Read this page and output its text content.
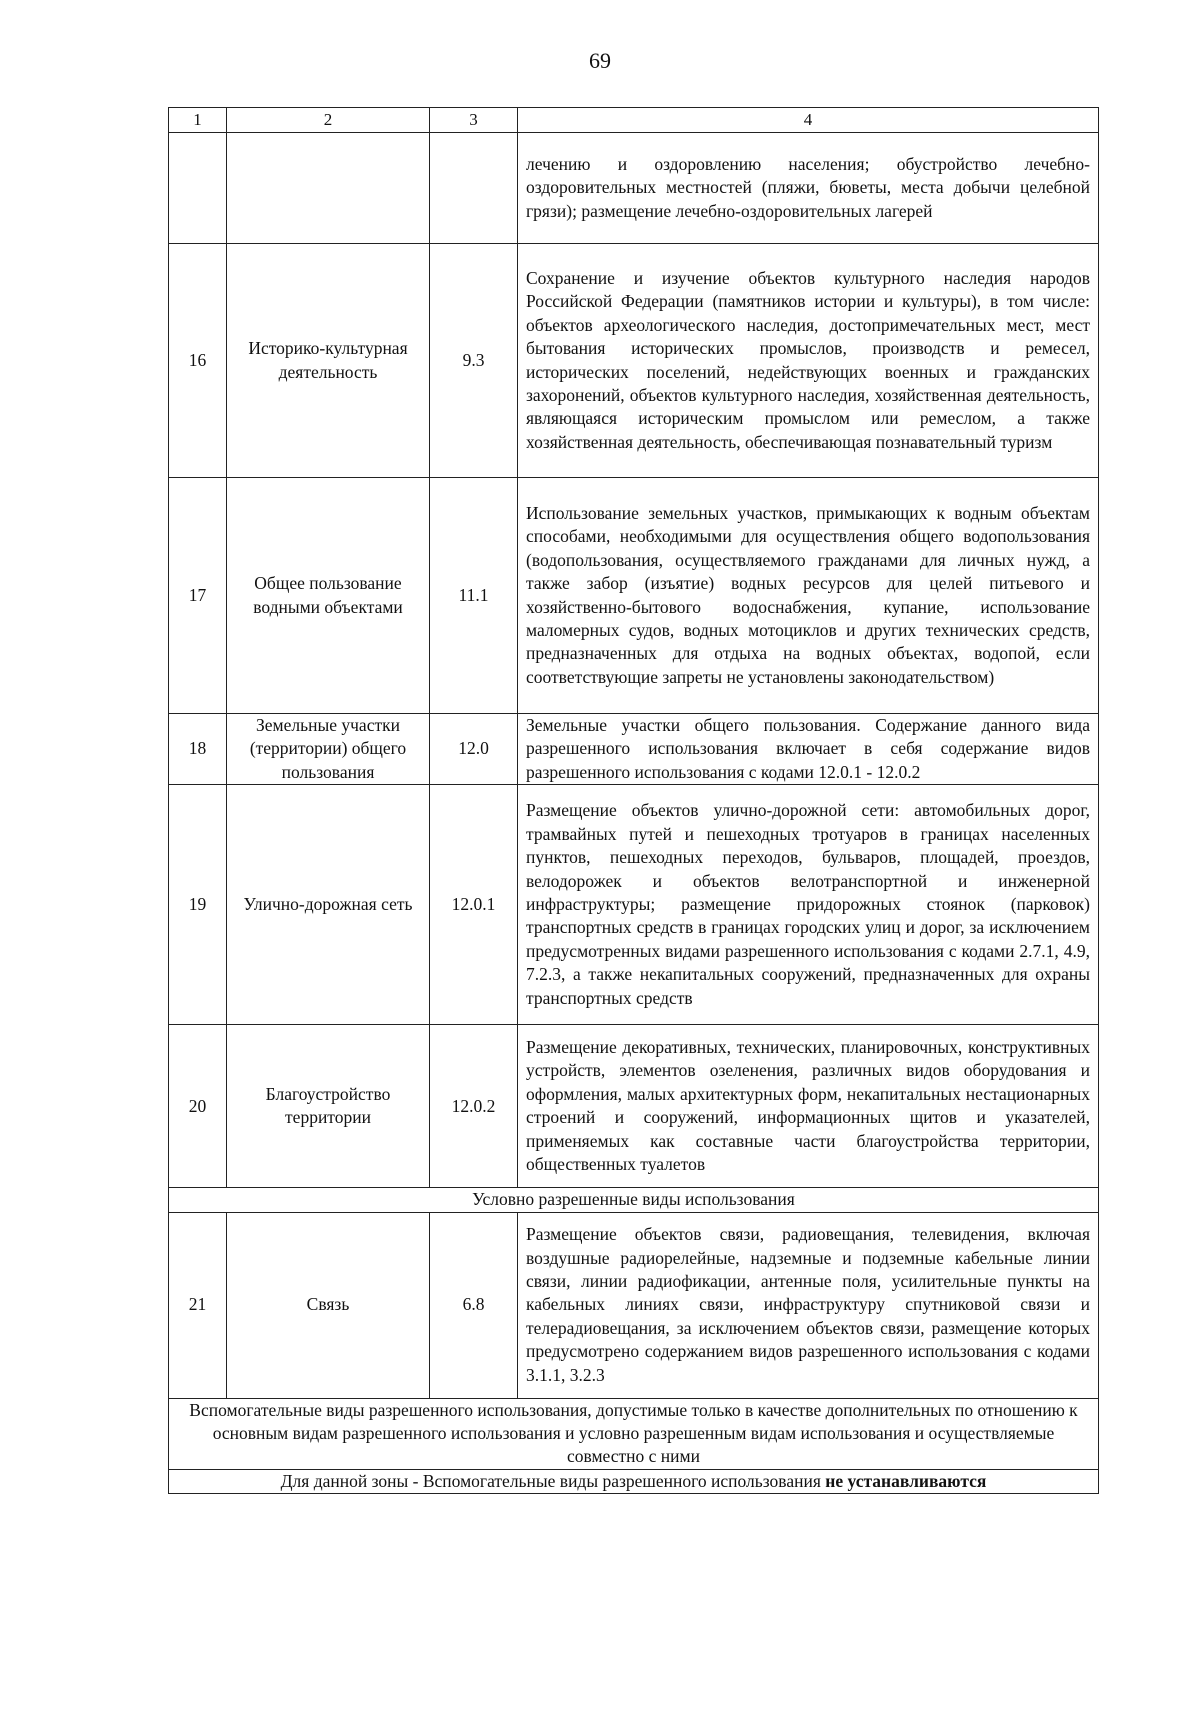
69
1	2	3	4
			лечению и оздоровлению населения; обустройство лечебно-оздоровительных местностей (пляжи, бюветы, места добычи целебной грязи); размещение лечебно-оздоровительных лагерей
16	Историко-культурная деятельность	9.3	Сохранение и изучение объектов культурного наследия народов Российской Федерации (памятников истории и культуры), в том числе: объектов археологического наследия, достопримечательных мест, мест бытования исторических промыслов, производств и ремесел, исторических поселений, недействующих военных и гражданских захоронений, объектов культурного наследия, хозяйственная деятельность, являющаяся историческим промыслом или ремеслом, а также хозяйственная деятельность, обеспечивающая познавательный туризм
17	Общее пользование водными объектами	11.1	Использование земельных участков, примыкающих к водным объектам способами, необходимыми для осуществления общего водопользования (водопользования, осуществляемого гражданами для личных нужд, а также забор (изъятие) водных ресурсов для целей питьевого и хозяйственно-бытового водоснабжения, купание, использование маломерных судов, водных мотоциклов и других технических средств, предназначенных для отдыха на водных объектах, водопой, если соответствующие запреты не установлены законодательством)
18	Земельные участки (территории) общего пользования	12.0	Земельные участки общего пользования. Содержание данного вида разрешенного использования включает в себя содержание видов разрешенного использования с кодами 12.0.1 - 12.0.2
19	Улично-дорожная сеть	12.0.1	Размещение объектов улично-дорожной сети: автомобильных дорог, трамвайных путей и пешеходных тротуаров в границах населенных пунктов, пешеходных переходов, бульваров, площадей, проездов, велодорожек и объектов велотранспортной и инженерной инфраструктуры; размещение придорожных стоянок (парковок) транспортных средств в границах городских улиц и дорог, за исключением предусмотренных видами разрешенного использования с кодами 2.7.1, 4.9, 7.2.3, а также некапитальных сооружений, предназначенных для охраны транспортных средств
20	Благоустройство территории	12.0.2	Размещение декоративных, технических, планировочных, конструктивных устройств, элементов озеленения, различных видов оборудования и оформления, малых архитектурных форм, некапитальных нестационарных строений и сооружений, информационных щитов и указателей, применяемых как составные части благоустройства территории, общественных туалетов
Условно разрешенные виды использования			
21	Связь	6.8	Размещение объектов связи, радиовещания, телевидения, включая воздушные радиорелейные, надземные и подземные кабельные линии связи, линии радиофикации, антенные поля, усилительные пункты на кабельных линиях связи, инфраструктуру спутниковой связи и телерадиовещания, за исключением объектов связи, размещение которых предусмотрено содержанием видов разрешенного использования с кодами 3.1.1, 3.2.3
Вспомогательные виды разрешенного использования, допустимые только в качестве дополнительных по отношению к основным видам разрешенного использования и условно разрешенным видам использования и осуществляемые совместно с ними			
Для данной зоны - Вспомогательные виды разрешенного использования не устанавливаются			
